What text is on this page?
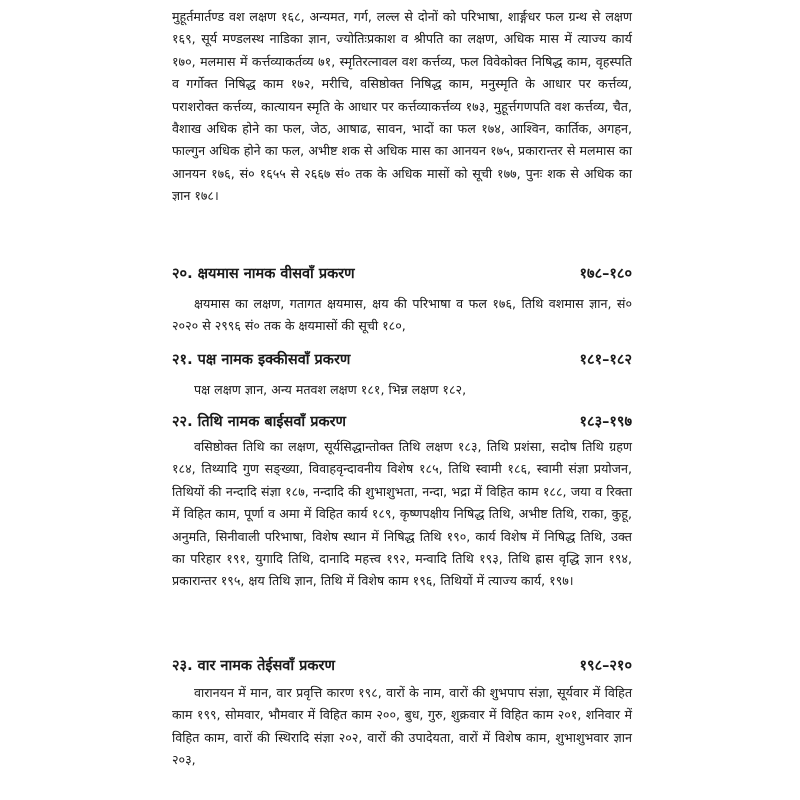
मुहूर्तमार्तण्ड वश लक्षण १६८, अन्यमत, गर्ग, लल्ल से दोनों को परिभाषा, शार्ङ्गधर फल ग्रन्थ से लक्षण १६९, सूर्य मण्डलस्थ नाडिका ज्ञान, ज्योतिःप्रकाश व श्रीपति का लक्षण, अधिक मास में त्याज्य कार्य १७०, मलमास में कर्त्तव्याकर्तव्य ७१, स्मृतिरत्नावल वश कर्त्तव्य, फल विवेकोक्त निषिद्ध काम, वृहस्पति व गर्गोक्त निषिद्ध काम १७२, मरीचि, वसिष्ठोक्त निषिद्ध काम, मनुस्मृति के आधार पर कर्त्तव्य, पराशरोक्त कर्त्तव्य, कात्यायन स्मृति के आधार पर कर्त्तव्याकर्त्तव्य १७३, मुहूर्त्तगणपति वश कर्त्तव्य, चैत, वैशाख अधिक होने का फल, जेठ, आषाढ, सावन, भादों का फल १७४, आश्विन, कार्तिक, अगहन, फाल्गुन अधिक होने का फल, अभीष्ट शक से अधिक मास का आनयन १७५, प्रकारान्तर से मलमास का आनयन १७६, सं० १६५५ से २६६७ सं० तक के अधिक मासों को सूची १७७, पुनः शक से अधिक का ज्ञान १७८।

२०. क्षयमास नामक वीसवाँ प्रकरण	१७८–१८०

क्षयमास का लक्षण, गतागत क्षयमास, क्षय की परिभाषा व फल १७६, तिथि वशमास ज्ञान, सं० २०२० से २९९६ सं० तक के क्षयमासों की सूची १८०,

२१. पक्ष नामक इक्कीसवाँ प्रकरण	१८१–१८२

पक्ष लक्षण ज्ञान, अन्य मतवश लक्षण १८१, भिन्न लक्षण १८२,

२२. तिथि नामक बाईसवाँ प्रकरण	१८३–१९७

वसिष्ठोक्त तिथि का लक्षण, सूर्यसिद्धान्तोक्त तिथि लक्षण १८३, तिथि प्रशंसा, सदोष तिथि ग्रहण १८४, तिथ्यादि गुण सङ्ख्या, विवाहवृन्दावनीय विशेष १८५, तिथि स्वामी १८६, स्वामी संज्ञा प्रयोजन, तिथियों की नन्दादि संज्ञा १८७, नन्दादि की शुभाशुभता, नन्दा, भद्रा में विहित काम १८८, जया व रिक्ता में विहित काम, पूर्णा व अमा में विहित कार्य १८९, कृष्णपक्षीय निषिद्ध तिथि, अभीष्ट तिथि, राका, कुहू, अनुमति, सिनीवाली परिभाषा, विशेष स्थान में निषिद्ध तिथि १९०, कार्य विशेष में निषिद्ध तिथि, उक्त का परिहार १९१, युगादि तिथि, दानादि महत्त्व १९२, मन्वादि तिथि १९३, तिथि ह्रास वृद्धि ज्ञान १९४, प्रकारान्तर १९५, क्षय तिथि ज्ञान, तिथि में विशेष काम १९६, तिथियों में त्याज्य कार्य, १९७।

२३. वार नामक तेईसवाँ प्रकरण	१९८–२१०

वारानयन में मान, वार प्रवृत्ति कारण १९८, वारों के नाम, वारों की शुभपाप संज्ञा, सूर्यवार में विहित काम १९९, सोमवार, भौमवार में विहित काम २००, बुध, गुरु, शुक्रवार में विहित काम २०१, शनिवार में विहित काम, वारों की स्थिरादि संज्ञा २०२, वारों की उपादेयता, वारों में विशेष काम, शुभाशुभवार ज्ञान २०३,
